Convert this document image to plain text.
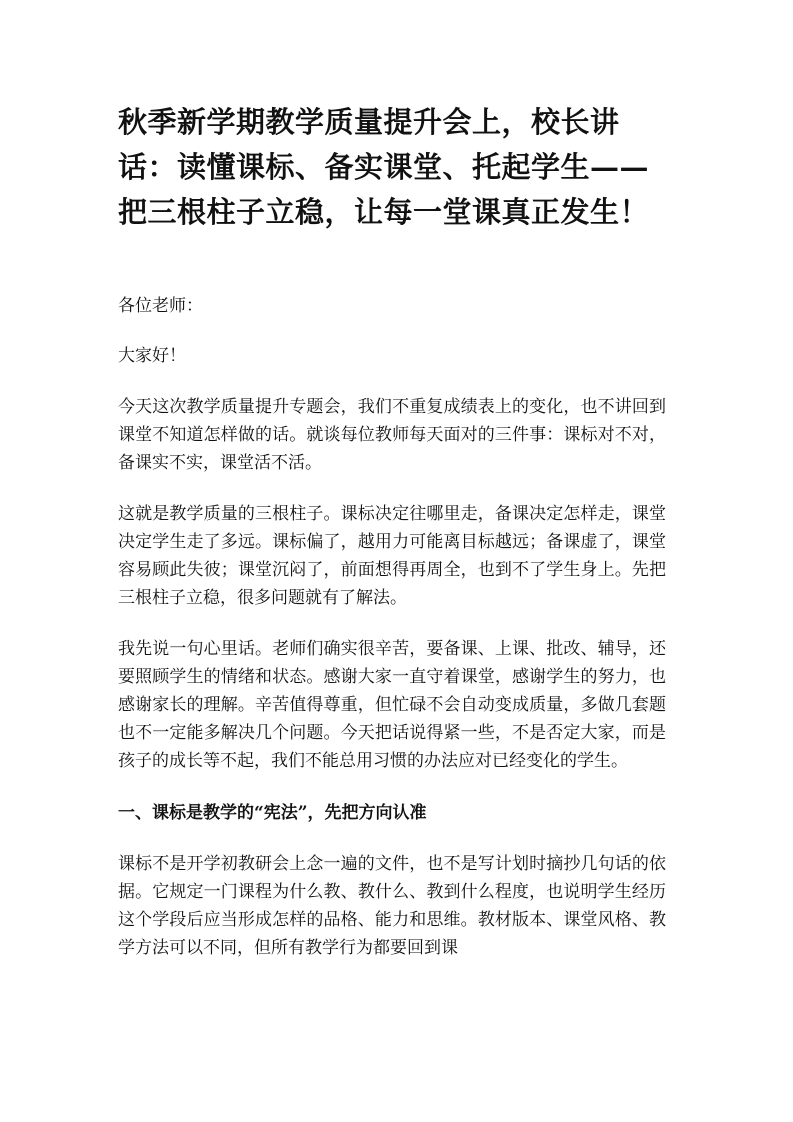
秋季新学期教学质量提升会上，校长讲话：读懂课标、备实课堂、托起学生——把三根柱子立稳，让每一堂课真正发生！

各位老师：

大家好！

今天这次教学质量提升专题会，我们不重复成绩表上的变化，也不讲回到课堂不知道怎样做的话。就谈每位教师每天面对的三件事：课标对不对，备课实不实，课堂活不活。

这就是教学质量的三根柱子。课标决定往哪里走，备课决定怎样走，课堂决定学生走了多远。课标偏了，越用力可能离目标越远；备课虚了，课堂容易顾此失彼；课堂沉闷了，前面想得再周全，也到不了学生身上。先把三根柱子立稳，很多问题就有了解法。

我先说一句心里话。老师们确实很辛苦，要备课、上课、批改、辅导，还要照顾学生的情绪和状态。感谢大家一直守着课堂，感谢学生的努力，也感谢家长的理解。辛苦值得尊重，但忙碌不会自动变成质量，多做几套题也不一定能多解决几个问题。今天把话说得紧一些，不是否定大家，而是孩子的成长等不起，我们不能总用习惯的办法应对已经变化的学生。

一、课标是教学的“宪法”，先把方向认准

课标不是开学初教研会上念一遍的文件，也不是写计划时摘抄几句话的依据。它规定一门课程为什么教、教什么、教到什么程度，也说明学生经历这个学段后应当形成怎样的品格、能力和思维。教材版本、课堂风格、教学方法可以不同，但所有教学行为都要回到课
